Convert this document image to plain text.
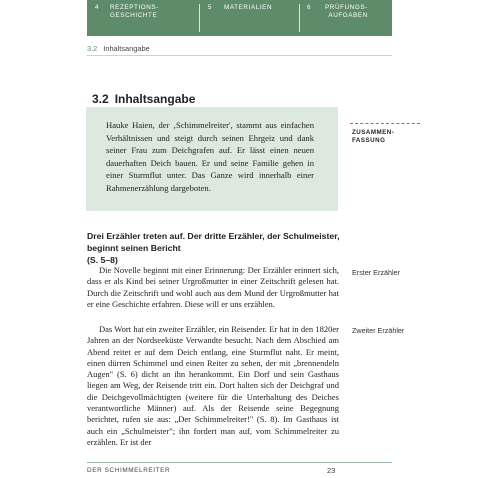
4 REZEPTIONS-
GESCHICHTE
5 MATERIALIEN	6 PRÜFUNGS-
AUFGABEN
3.2 Inhaltsangabe
3.2 Inhaltsangabe
Hauke Haien, der ‚Schimmelreiter', stammt aus einfachen Verhältnissen und steigt durch seinen Ehrgeiz und dank seiner Frau zum Deichgrafen auf. Er lässt einen neuen dauerhaften Deich bauen. Er und seine Familie gehen in einer Sturmflut unter. Das Ganze wird innerhalb einer Rahmenerzählung dargeboten.
ZUSAMMEN-
FASSUNG
Drei Erzähler treten auf. Der dritte Erzähler, der Schulmeister, beginnt seinen Bericht
(S. 5–8)

Die Novelle beginnt mit einer Erinnerung: Der Erzähler erinnert sich, dass er als Kind bei seiner Urgroßmutter in einer Zeitschrift gelesen hat. Durch die Zeitschrift und wohl auch aus dem Mund der Urgroßmutter hat er eine Geschichte erfahren. Diese will er uns erzählen.

Erster Erzähler

Das Wort hat ein zweiter Erzähler, ein Reisender. Er hat in den 1820er Jahren an der Nordseeküste Verwandte besucht. Nach dem Abschied am Abend reitet er auf dem Deich entlang, eine Sturmflut naht. Er meint, einen dürren Schimmel und einen Reiter zu sehen, der mit „brennendeln Augen" (S. 6) dicht an ihn herankommt. Ein Dorf und sein Gasthaus liegen am Weg, der Reisende tritt ein. Dort halten sich der Deichgraf und die Deichgevollmächtigten (weitere für die Unterhaltung des Deiches verantwortliche Männer) auf. Als der Reisende seine Begegnung berichtet, rufen sie aus: „Der Schimmelreiter!" (S. 8). Im Gasthaus ist auch ein „Schulmeister"; ihn fordert man auf, vom Schimmelreiter zu erzählen. Er ist der

Zweiter Erzähler
DER SCHIMMELREITER	23
